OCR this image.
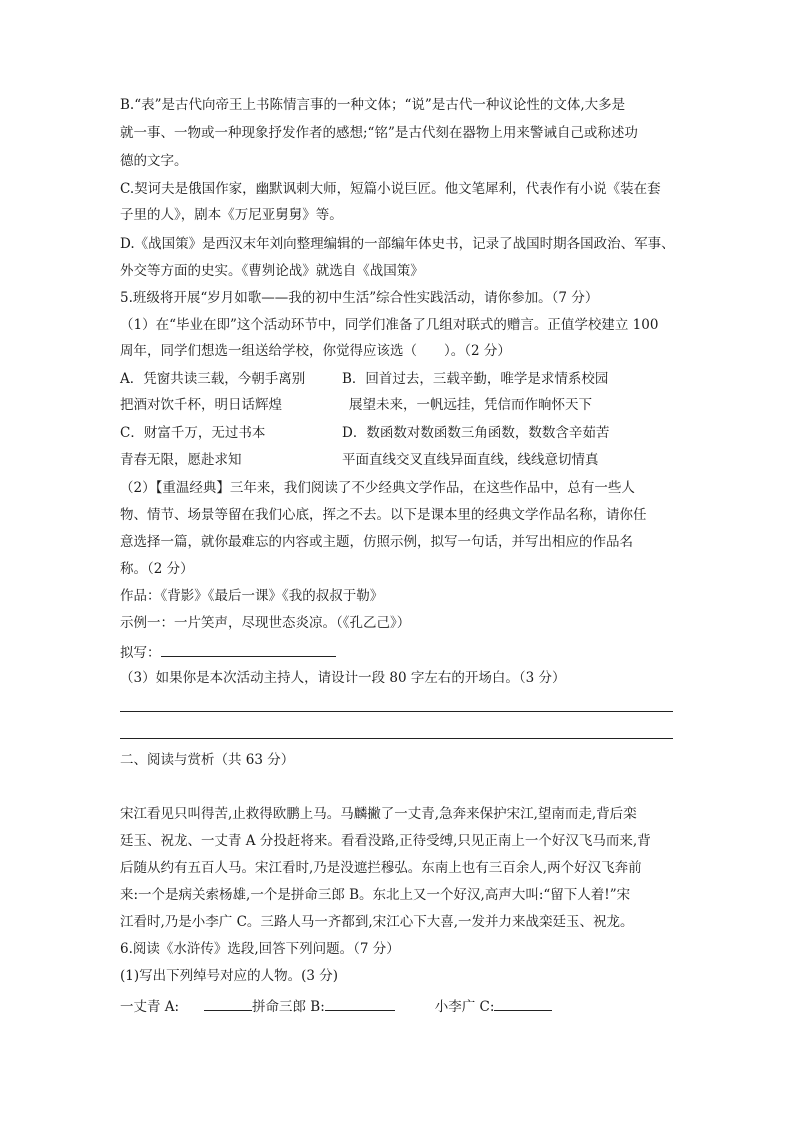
B.“表”是古代向帝王上书陈情言事的一种文体；“说”是古代一种议论性的文体,大多是
就一事、一物或一种现象抒发作者的感想;“铭”是古代刻在器物上用来警诫自己或称述功
德的文字。
C.契诃夫是俄国作家，幽默讽刺大师，短篇小说巨匠。他文笔犀利，代表作有小说《装在套
子里的人》，剧本《万尼亚舅舅》等。
D.《战国策》是西汉末年刘向整理编辑的一部编年体史书，记录了战国时期各国政治、军事、
外交等方面的史实。《曹刿论战》就选自《战国策》
5.班级将开展“岁月如歌——我的初中生活”综合性实践活动，请你参加。（7 分）
（1）在“毕业在即”这个活动环节中，同学们准备了几组对联式的赠言。正值学校建立 100
周年，同学们想选一组送给学校，你觉得应该选（　　）。（2 分）
A．凭窗共读三载，今朝手离别	B．回首过去，三载辛勤，唯学是求情系校园
把酒对饮千杯，明日话辉煌	展望未来，一帆远挂，凭信而作晌怀天下
C．财富千万，无过书本	D．数函数对数函数三角函数，数数含辛茹苦
青春无限，愿赴求知	平面直线交叉直线异面直线，线线意切情真
（2）【重温经典】三年来，我们阅读了不少经典文学作品，在这些作品中，总有一些人
物、情节、场景等留在我们心底，挥之不去。以下是课本里的经典文学作品名称，请你任
意选择一篇，就你最难忘的内容或主题，仿照示例，拟写一句话，并写出相应的作品名
称。（2 分）
作品：《背影》《最后一课》《我的叔叔于勒》
示例一：一片笑声，尽现世态炎凉。（《孔乙己》）
拟写：
（3）如果你是本次活动主持人，请设计一段 80 字左右的开场白。（3 分）
二、阅读与赏析（共 63 分）
宋江看见只叫得苦,止救得欧鹏上马。马麟撇了一丈青,急奔来保护宋江,望南而走,背后栾
廷玉、祝龙、一丈青 A 分投赶将来。看看没路,正待受缚,只见正南上一个好汉飞马而来,背
后随从约有五百人马。宋江看时,乃是没遮拦穆弘。东南上也有三百余人,两个好汉飞奔前
来:一个是病关索杨雄,一个是拼命三郎 B。东北上又一个好汉,高声大叫:“留下人着!”宋
江看时,乃是小李广 C。三路人马一齐都到,宋江心下大喜,一发并力来战栾廷玉、祝龙。
6.阅读《水浒传》选段,回答下列问题。（7 分）
(1)写出下列绰号对应的人物。(3 分)
一丈青 A:	拼命三郎 B:	小李广 C:
